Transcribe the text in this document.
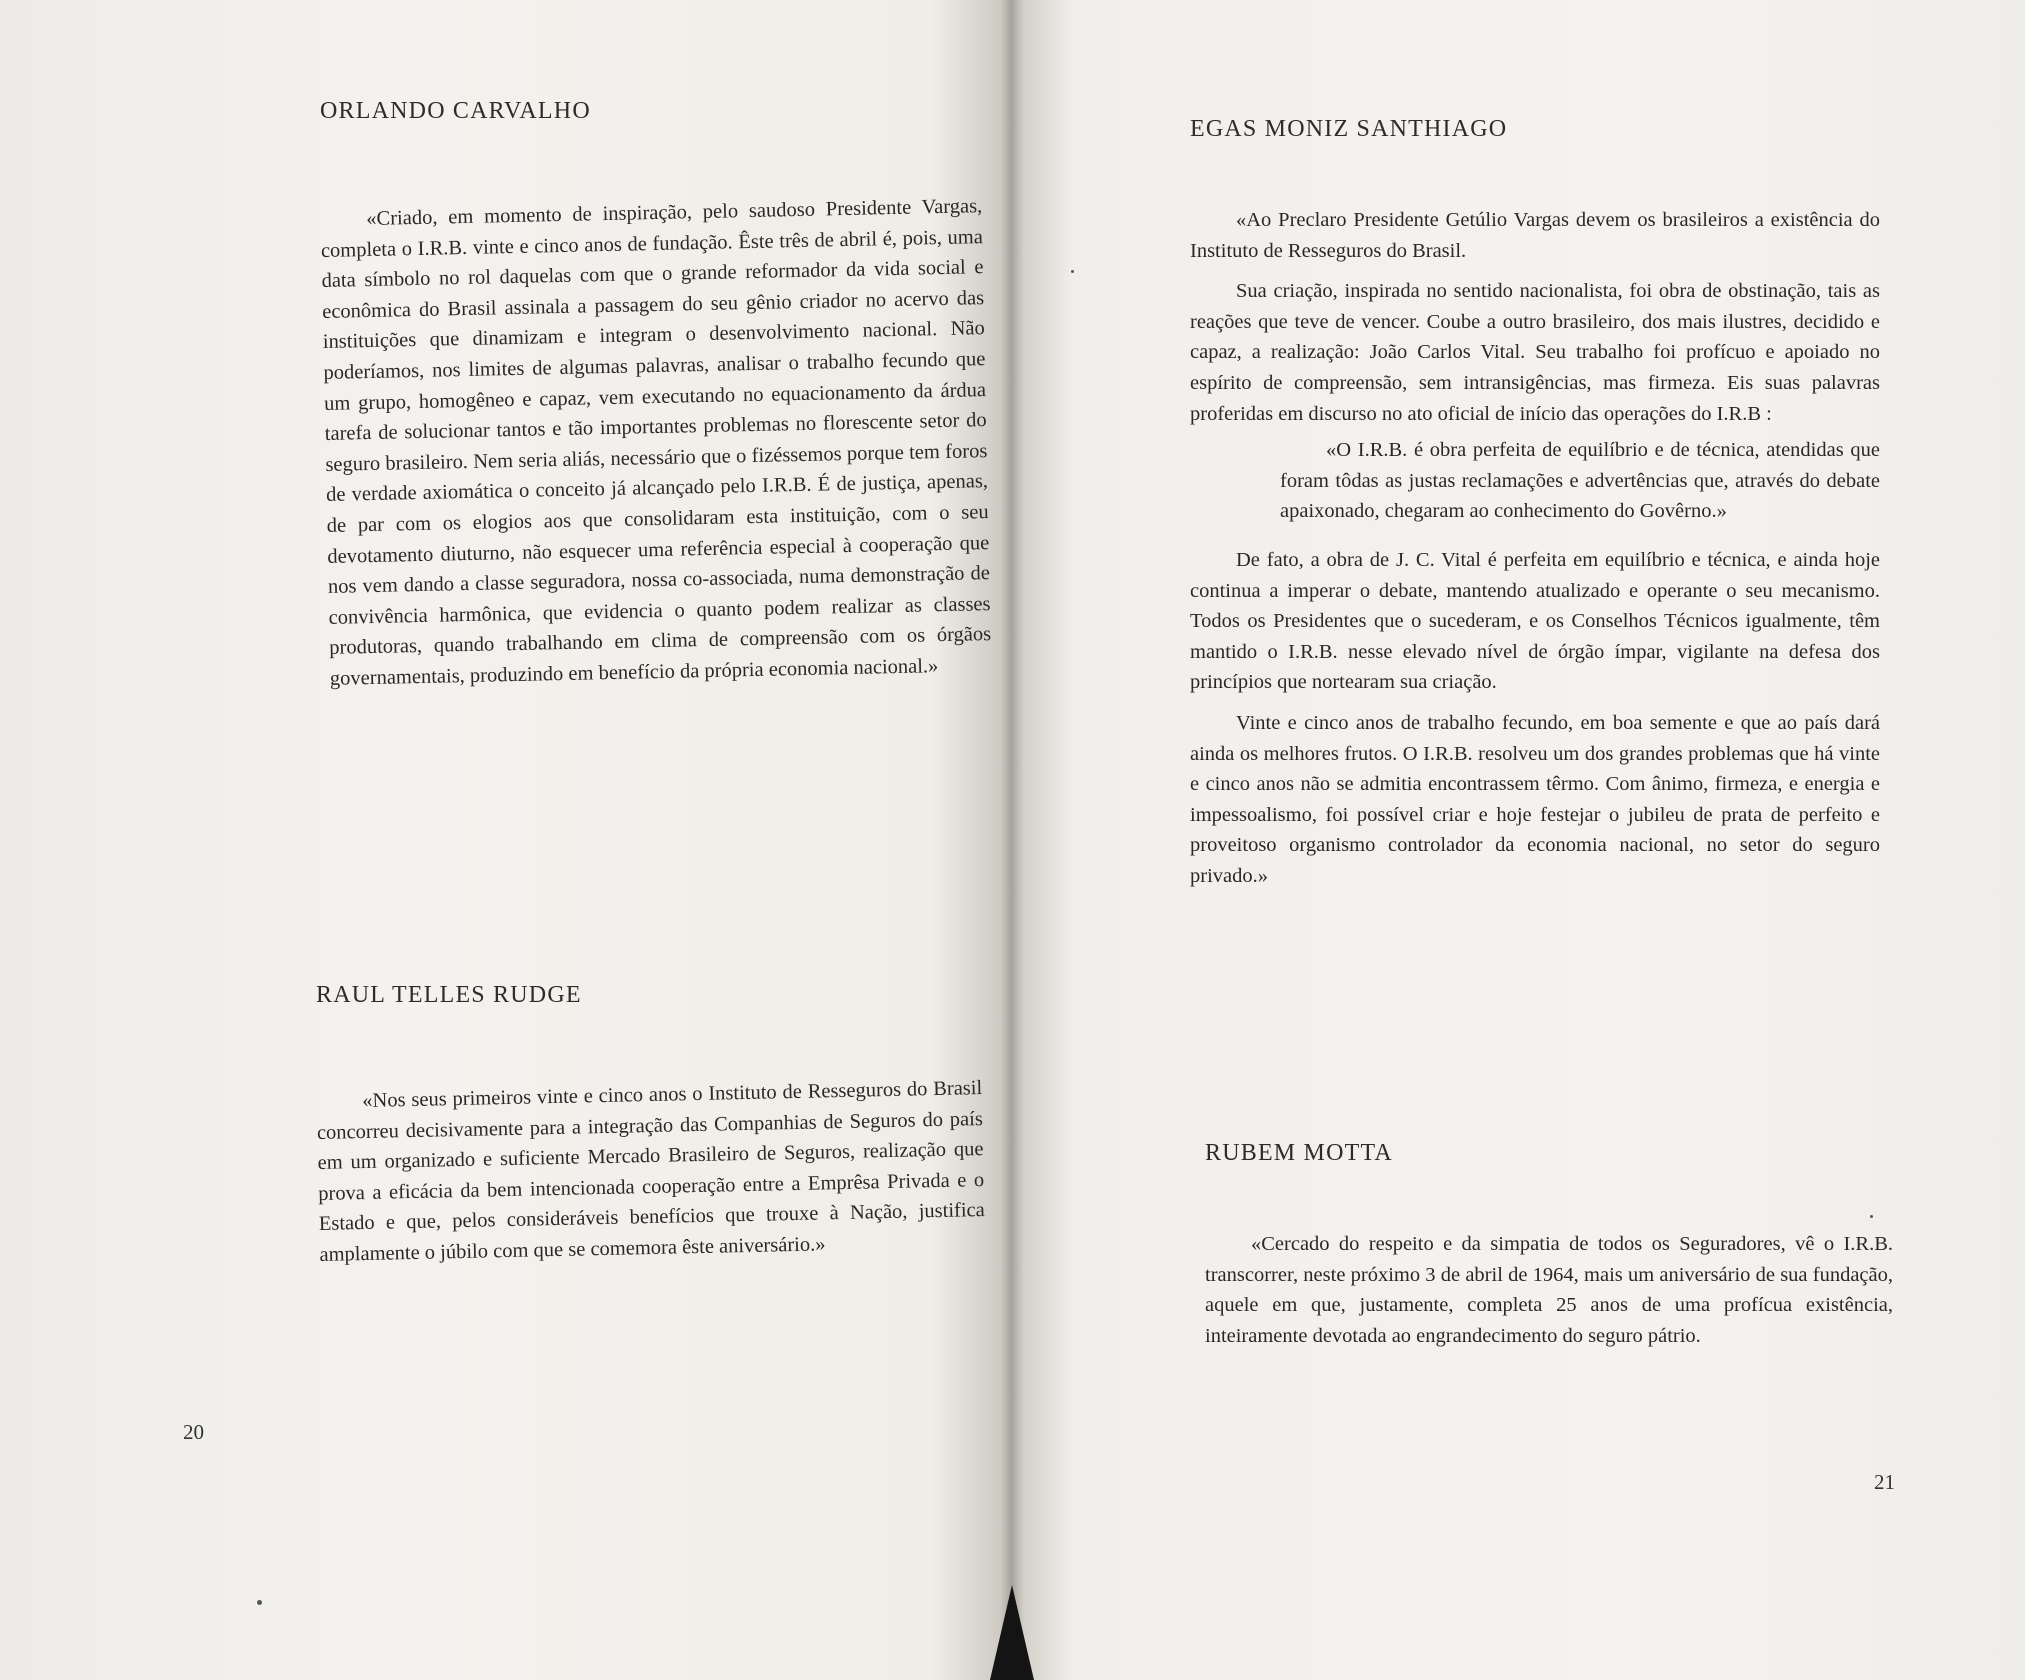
ORLANDO CARVALHO

«Criado, em momento de inspiração, pelo saudoso Presidente Vargas, completa o I.R.B. vinte e cinco anos de fundação. Êste três de abril é, pois, uma data símbolo no rol daquelas com que o grande reformador da vida social e econômica do Brasil assinala a passagem do seu gênio criador no acervo das instituições que dinamizam e integram o desenvolvimento nacional. Não poderíamos, nos limites de algumas palavras, analisar o trabalho fecundo que um grupo, homogêneo e capaz, vem executando no equacionamento da árdua tarefa de solucionar tantos e tão importantes problemas no florescente setor do seguro brasileiro. Nem seria aliás, necessário que o fizéssemos porque tem foros de verdade axiomática o conceito já alcançado pelo I.R.B. É de justiça, apenas, de par com os elogios aos que consolidaram esta instituição, com o seu devotamento diuturno, não esquecer uma referência especial à cooperação que nos vem dando a classe seguradora, nossa co-associada, numa demonstração de convivência harmônica, que evidencia o quanto podem realizar as classes produtoras, quando trabalhando em clima de compreensão com os órgãos governamentais, produzindo em benefício da própria economia nacional.»

RAUL TELLES RUDGE

«Nos seus primeiros vinte e cinco anos o Instituto de Resseguros do Brasil concorreu decisivamente para a integração das Companhias de Seguros do país em um organizado e suficiente Mercado Brasileiro de Seguros, realização que prova a eficácia da bem intencionada cooperação entre a Emprêsa Privada e o Estado e que, pelos consideráveis benefícios que trouxe à Nação, justifica amplamente o júbilo com que se comemora êste aniversário.»

20
EGAS MONIZ SANTHIAGO

«Ao Preclaro Presidente Getúlio Vargas devem os brasileiros a existência do Instituto de Resseguros do Brasil.

Sua criação, inspirada no sentido nacionalista, foi obra de obstinação, tais as reações que teve de vencer. Coube a outro brasileiro, dos mais ilustres, decidido e capaz, a realização: João Carlos Vital. Seu trabalho foi profícuo e apoiado no espírito de compreensão, sem intransigências, mas firmeza. Eis suas palavras proferidas em discurso no ato oficial de início das operações do I.R.B :

«O I.R.B. é obra perfeita de equilíbrio e de técnica, atendidas que foram tôdas as justas reclamações e advertências que, através do debate apaixonado, chegaram ao conhecimento do Govêrno.»

De fato, a obra de J. C. Vital é perfeita em equilíbrio e técnica, e ainda hoje continua a imperar o debate, mantendo atualizado e operante o seu mecanismo. Todos os Presidentes que o sucederam, e os Conselhos Técnicos igualmente, têm mantido o I.R.B. nesse elevado nível de órgão ímpar, vigilante na defesa dos princípios que nortearam sua criação.

Vinte e cinco anos de trabalho fecundo, em boa semente e que ao país dará ainda os melhores frutos. O I.R.B. resolveu um dos grandes problemas que há vinte e cinco anos não se admitia encontrassem têrmo. Com ânimo, firmeza, e energia e impessoalismo, foi possível criar e hoje festejar o jubileu de prata de perfeito e proveitoso organismo controlador da economia nacional, no setor do seguro privado.»

RUBEM MOTTA

«Cercado do respeito e da simpatia de todos os Seguradores, vê o I.R.B. transcorrer, neste próximo 3 de abril de 1964, mais um aniversário de sua fundação, aquele em que, justamente, completa 25 anos de uma profícua existência, inteiramente devotada ao engrandecimento do seguro pátrio.

21
